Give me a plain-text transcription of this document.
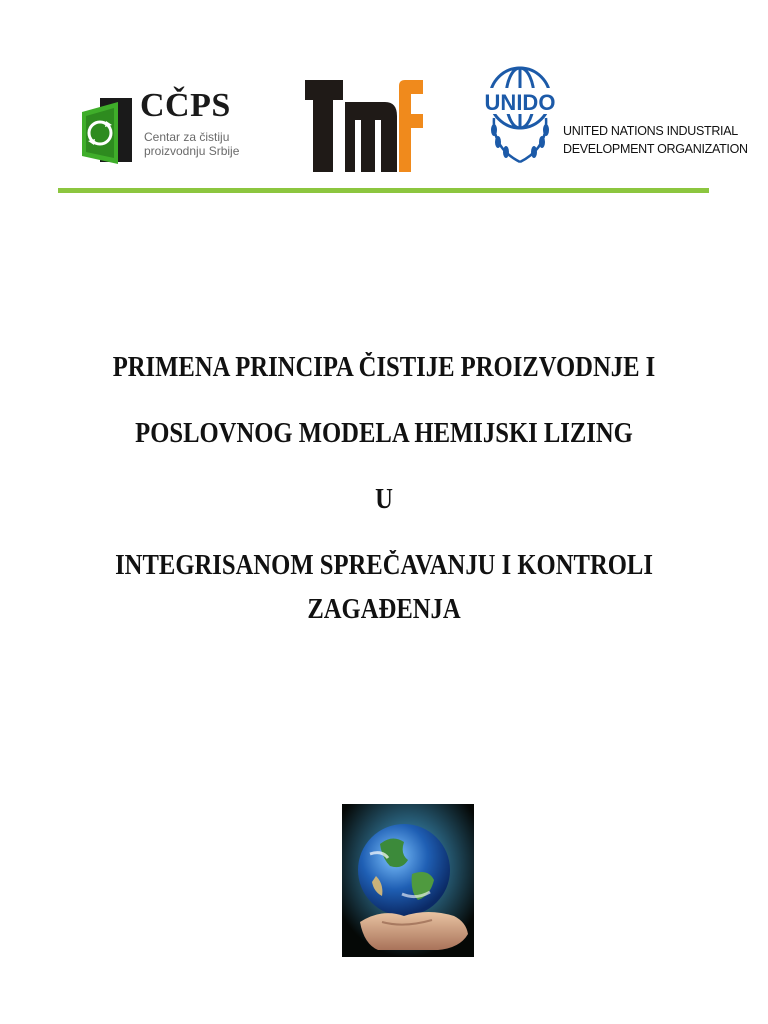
CČPS
Centar za čistiju
proizvodnju Srbije
UNIDO
UNITED NATIONS INDUSTRIAL
DEVELOPMENT ORGANIZATION
PRIMENA PRINCIPA ČISTIJE PROIZVODNJE I
POSLOVNOG MODELA HEMIJSKI LIZING
U
INTEGRISANOM SPREČAVANJU I KONTROLI
ZAGAĐENJA
